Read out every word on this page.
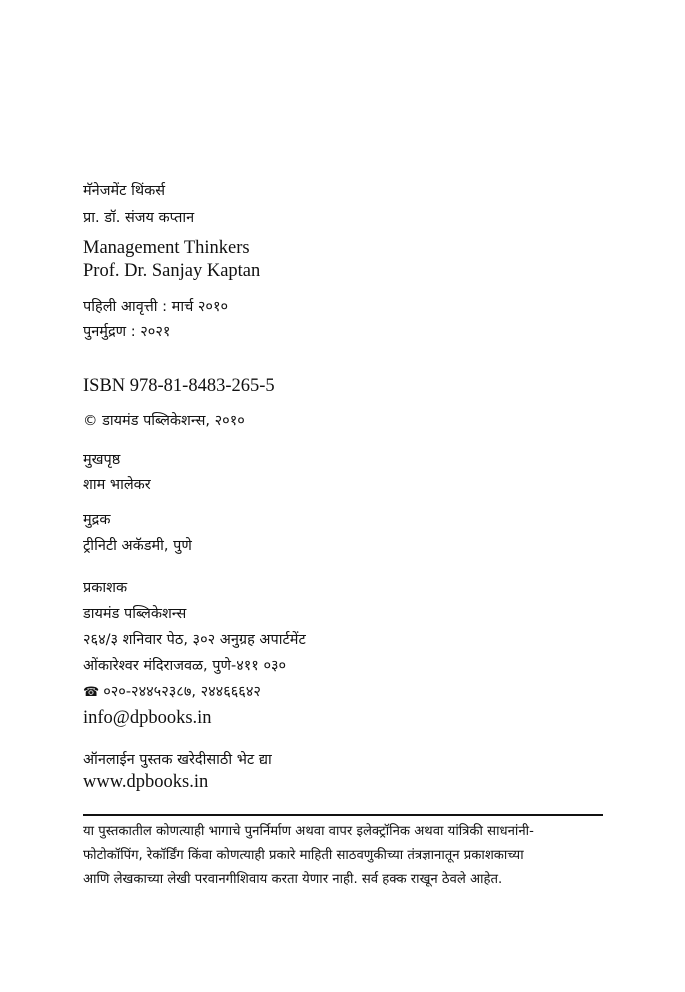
मॅनेजमेंट थिंकर्स
प्रा. डॉ. संजय कप्तान
Management Thinkers
Prof. Dr. Sanjay Kaptan
पहिली आवृत्ती : मार्च २०१०
पुनर्मुद्रण : २०२१
ISBN 978-81-8483-265-5
© डायमंड पब्लिकेशन्स, २०१०
मुखपृष्ठ
शाम भालेकर
मुद्रक
ट्रीनिटी अकॅडमी, पुणे
प्रकाशक
डायमंड पब्लिकेशन्स
२६४/३ शनिवार पेठ, ३०२ अनुग्रह अपार्टमेंट
ओंकारेश्वर मंदिराजवळ, पुणे-४११ ०३०
☎ ०२०-२४४५२३८७, २४४६६६४२
info@dpbooks.in
ऑनलाईन पुस्तक खरेदीसाठी भेट द्या
www.dpbooks.in
या पुस्तकातील कोणत्याही भागाचे पुनर्निर्माण अथवा वापर इलेक्ट्रॉनिक अथवा यांत्रिकी साधनांनी-
फोटोकॉपिंग, रेकॉर्डिंग किंवा कोणत्याही प्रकारे माहिती साठवणुकीच्या तंत्रज्ञानातून प्रकाशकाच्या
आणि लेखकाच्या लेखी परवानगीशिवाय करता येणार नाही. सर्व हक्क राखून ठेवले आहेत.
